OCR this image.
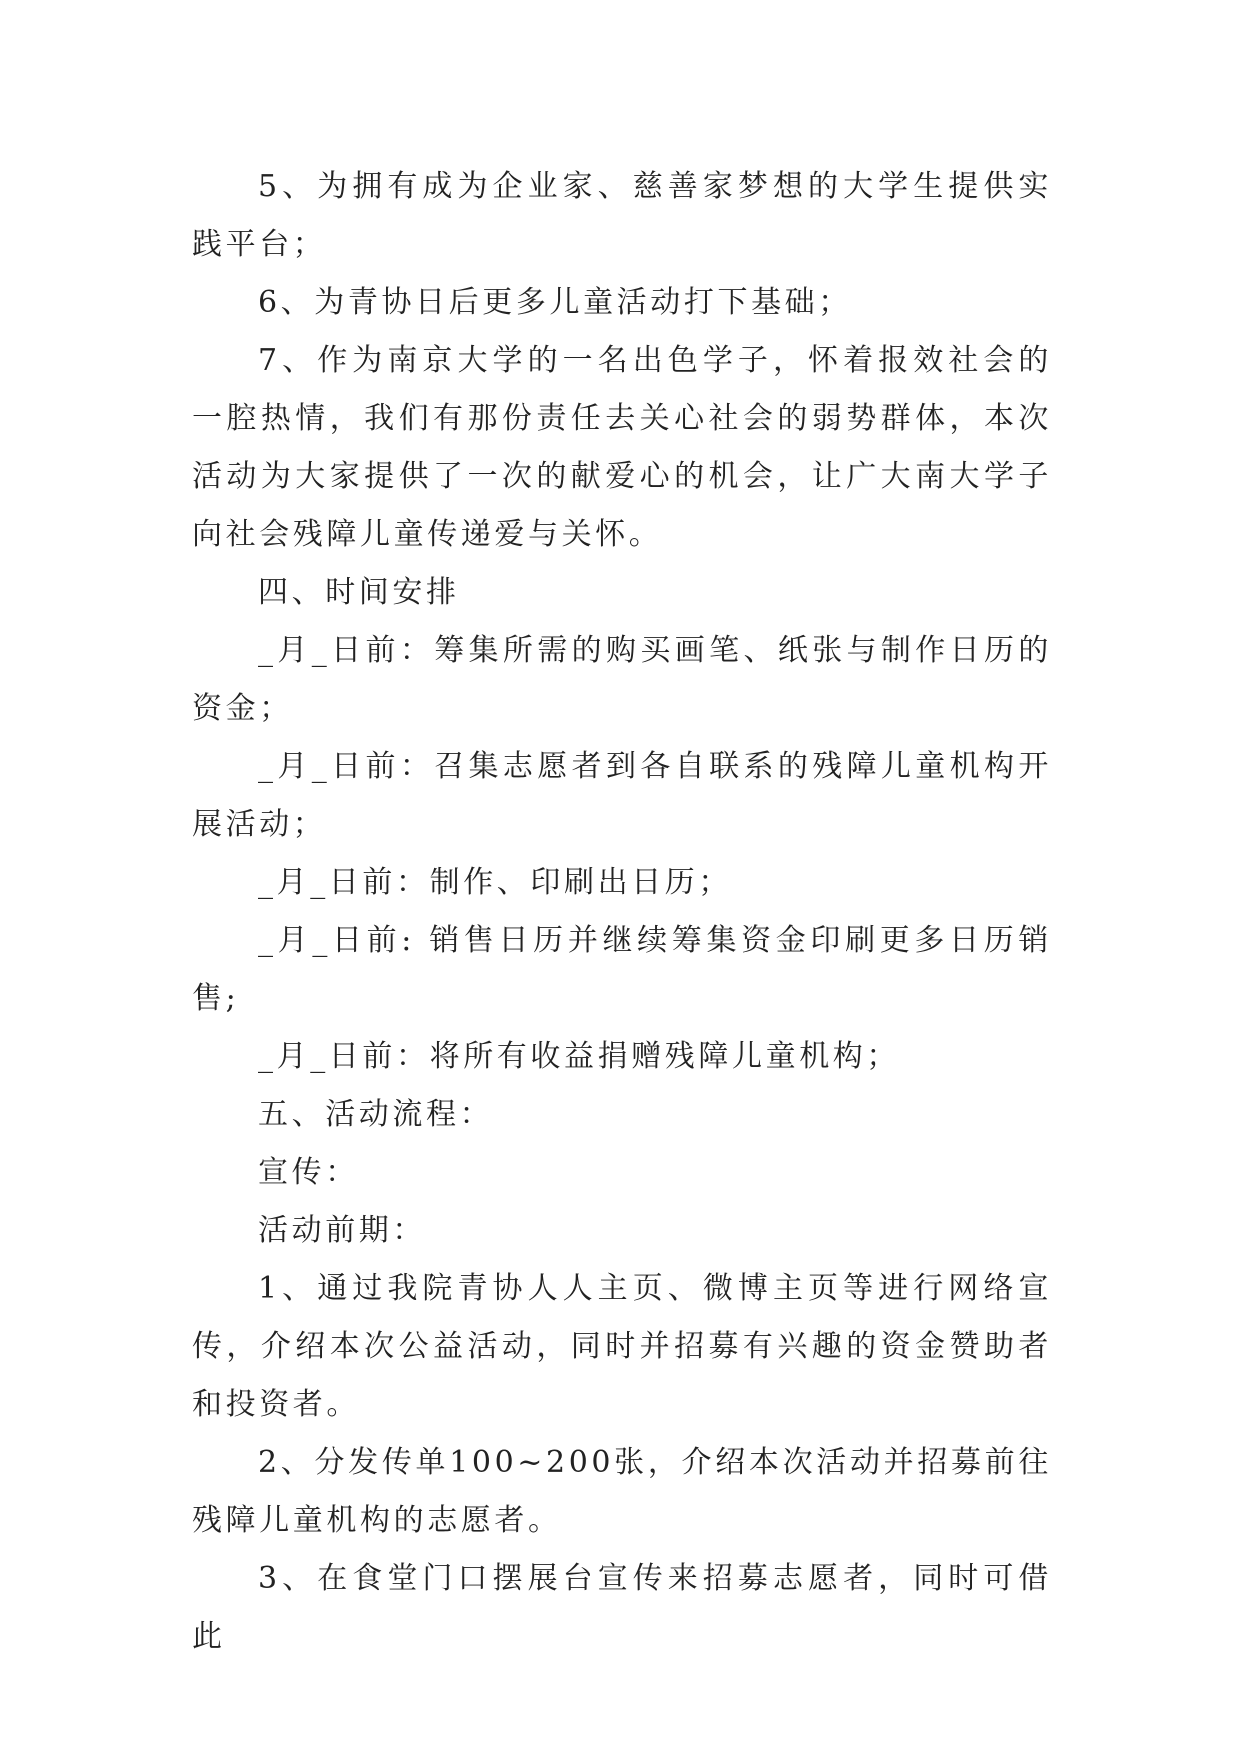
5、为拥有成为企业家、慈善家梦想的大学生提供实践平台；

6、为青协日后更多儿童活动打下基础；

7、作为南京大学的一名出色学子，怀着报效社会的一腔热情，我们有那份责任去关心社会的弱势群体，本次活动为大家提供了一次的献爱心的机会，让广大南大学子向社会残障儿童传递爱与关怀。

四、时间安排

_月_日前：筹集所需的购买画笔、纸张与制作日历的资金；

_月_日前：召集志愿者到各自联系的残障儿童机构开展活动；

_月_日前：制作、印刷出日历；

_月_日前: 销售日历并继续筹集资金印刷更多日历销售;

_月_日前：将所有收益捐赠残障儿童机构；

五、活动流程：

宣传：

活动前期：

1、通过我院青协人人主页、微博主页等进行网络宣传，介绍本次公益活动，同时并招募有兴趣的资金赞助者和投资者。

2、分发传单100~200张，介绍本次活动并招募前往残障儿童机构的志愿者。

3、在食堂门口摆展台宣传来招募志愿者，同时可借此
